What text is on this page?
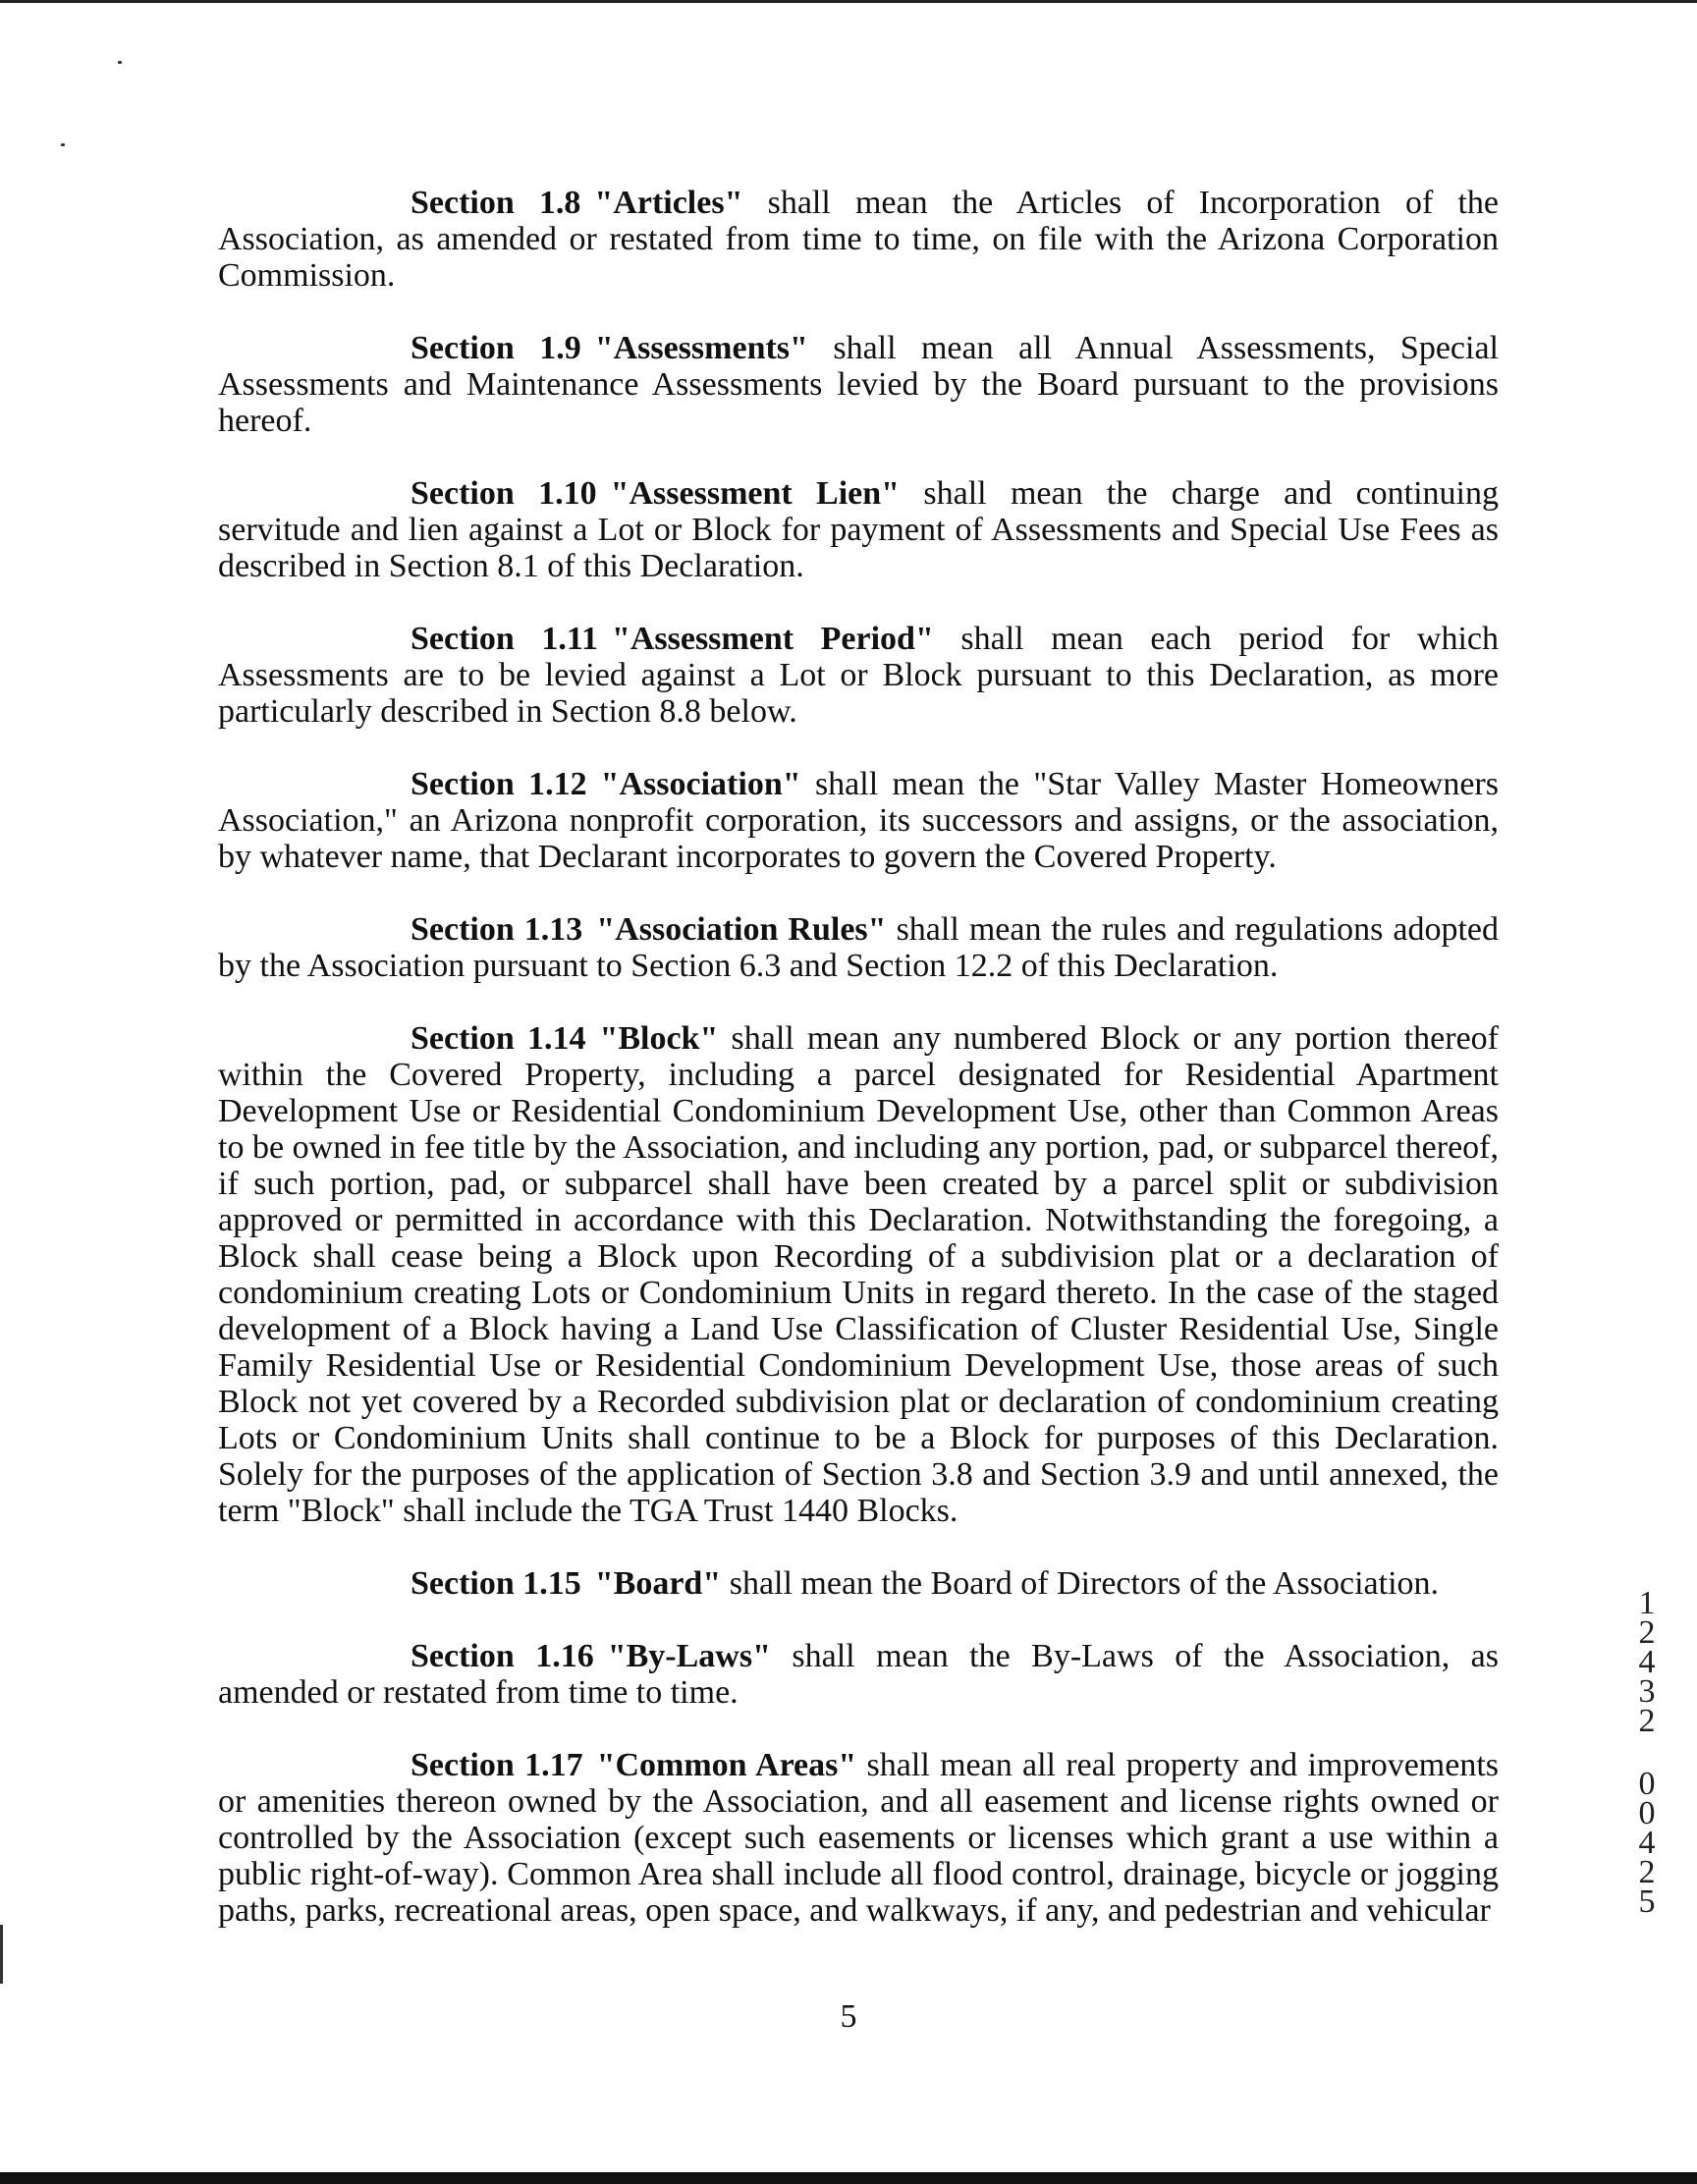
Section 1.8 "Articles" shall mean the Articles of Incorporation of the Association, as amended or restated from time to time, on file with the Arizona Corporation Commission.

Section 1.9 "Assessments" shall mean all Annual Assessments, Special Assessments and Maintenance Assessments levied by the Board pursuant to the provisions hereof.

Section 1.10 "Assessment Lien" shall mean the charge and continuing servitude and lien against a Lot or Block for payment of Assessments and Special Use Fees as described in Section 8.1 of this Declaration.

Section 1.11 "Assessment Period" shall mean each period for which Assessments are to be levied against a Lot or Block pursuant to this Declaration, as more particularly described in Section 8.8 below.

Section 1.12 "Association" shall mean the "Star Valley Master Homeowners Association," an Arizona nonprofit corporation, its successors and assigns, or the association, by whatever name, that Declarant incorporates to govern the Covered Property.

Section 1.13 "Association Rules" shall mean the rules and regulations adopted by the Association pursuant to Section 6.3 and Section 12.2 of this Declaration.

Section 1.14 "Block" shall mean any numbered Block or any portion thereof within the Covered Property, including a parcel designated for Residential Apartment Development Use or Residential Condominium Development Use, other than Common Areas to be owned in fee title by the Association, and including any portion, pad, or subparcel thereof, if such portion, pad, or subparcel shall have been created by a parcel split or subdivision approved or permitted in accordance with this Declaration. Notwithstanding the foregoing, a Block shall cease being a Block upon Recording of a subdivision plat or a declaration of condominium creating Lots or Condominium Units in regard thereto. In the case of the staged development of a Block having a Land Use Classification of Cluster Residential Use, Single Family Residential Use or Residential Condominium Development Use, those areas of such Block not yet covered by a Recorded subdivision plat or declaration of condominium creating Lots or Condominium Units shall continue to be a Block for purposes of this Declaration. Solely for the purposes of the application of Section 3.8 and Section 3.9 and until annexed, the term "Block" shall include the TGA Trust 1440 Blocks.

Section 1.15 "Board" shall mean the Board of Directors of the Association.

Section 1.16 "By-Laws" shall mean the By-Laws of the Association, as amended or restated from time to time.

Section 1.17 "Common Areas" shall mean all real property and improvements or amenities thereon owned by the Association, and all easement and license rights owned or controlled by the Association (except such easements or licenses which grant a use within a public right-of-way). Common Area shall include all flood control, drainage, bicycle or jogging paths, parks, recreational areas, open space, and walkways, if any, and pedestrian and vehicular

1
2
4
3
2
0
0
4
2
5
5
